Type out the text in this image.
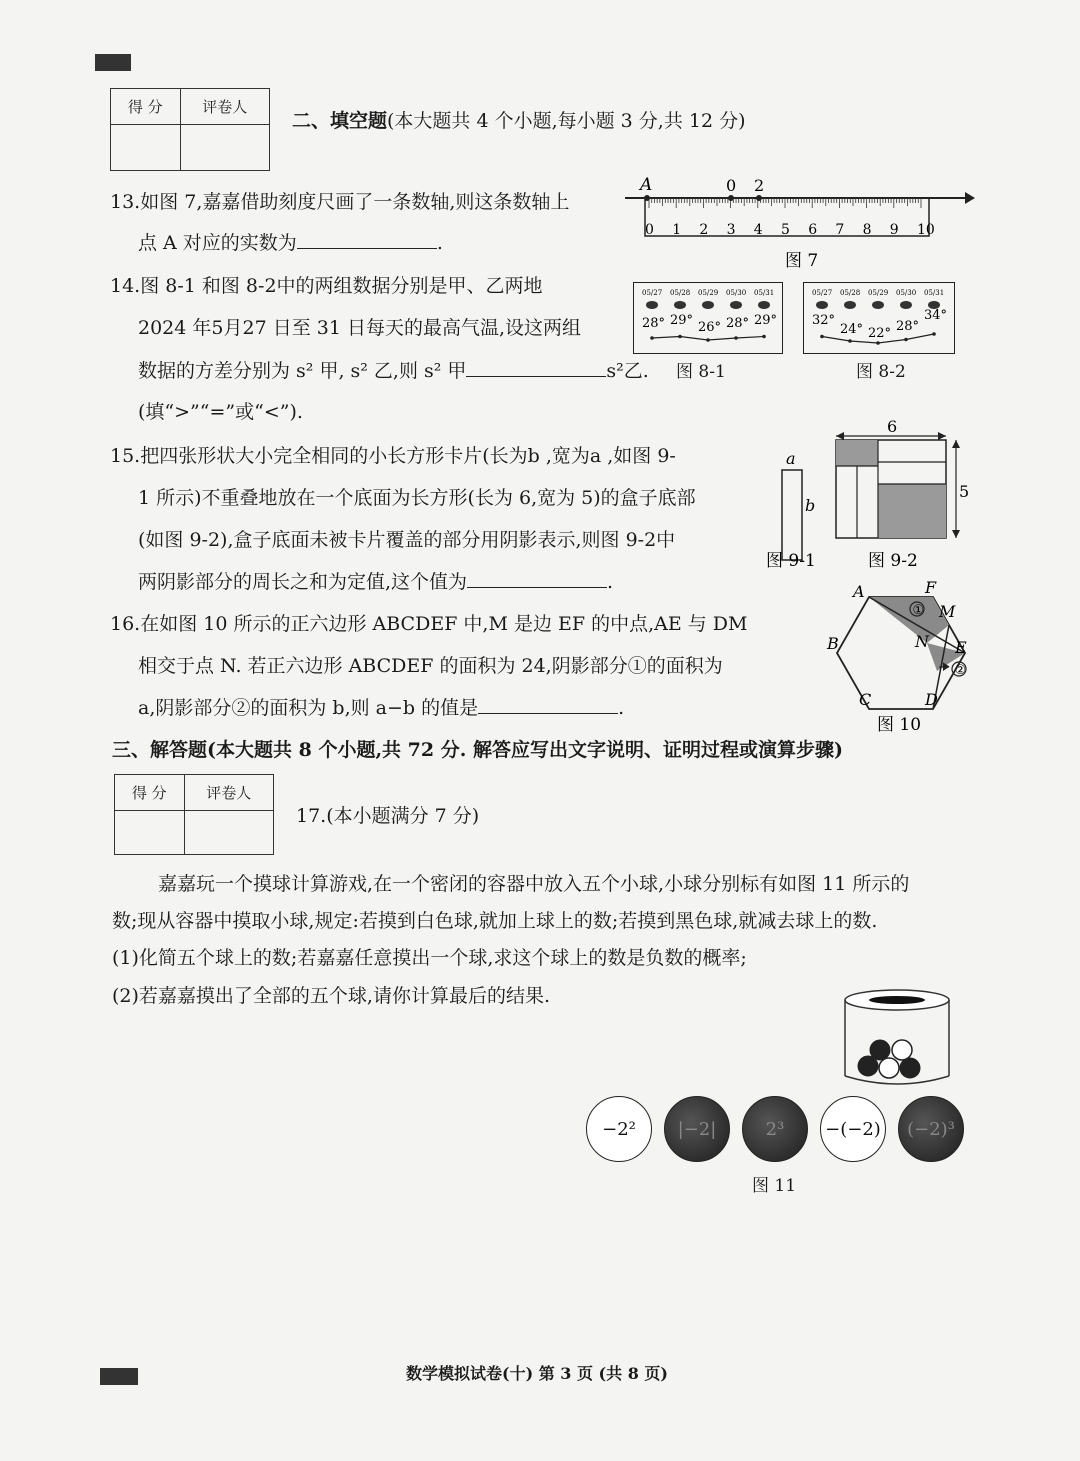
得 分	评卷人

二、填空题(本大题共 4 个小题,每小题 3 分,共 12 分)
13.如图 7,嘉嘉借助刻度尺画了一条数轴,则这条数轴上
点 A 对应的实数为	.
0 1 2 3 4 5 6 7 8 9 10
A	0 2
图 7
14.图 8-1 和图 8-2中的两组数据分别是甲、乙两地
2024 年5月27 日至 31 日每天的最高气温,设这两组
数据的方差分别为 s² 甲, s² 乙,则 s² 甲	s²乙.
(填“>”“=”或“<”).
05/27
28°
05/28
29°
05/29
26°
05/30
28°
05/31
29°
05/27
32°
05/28
24°
05/29
22°
05/30
28°
05/31
34°
图 8-1	图 8-2
15.把四张形状大小完全相同的小长方形卡片(长为b ,宽为a ,如图 9-
1 所示)不重叠地放在一个底面为长方形(长为 6,宽为 5)的盒子底部
(如图 9-2),盒子底面未被卡片覆盖的部分用阴影表示,则图 9-2中
两阴影部分的周长之和为定值,这个值为	.
a
b
6
5
图 9-1	图 9-2
16.在如图 10 所示的正六边形 ABCDEF 中,M 是边 EF 的中点,AE 与 DM
相交于点 N. 若正六边形 ABCDEF 的面积为 24,阴影部分①的面积为
a,阴影部分②的面积为 b,则 a−b 的值是	.
①
②
A
B
C	D
E
F
M
N
图 10
三、解答题(本大题共 8 个小题,共 72 分. 解答应写出文字说明、证明过程或演算步骤)
得 分	评卷人

17.(本小题满分 7 分)
嘉嘉玩一个摸球计算游戏,在一个密闭的容器中放入五个小球,小球分别标有如图 11 所示的
数;现从容器中摸取小球,规定:若摸到白色球,就加上球上的数;若摸到黑色球,就减去球上的数.
(1)化简五个球上的数;若嘉嘉任意摸出一个球,求这个球上的数是负数的概率;
(2)若嘉嘉摸出了全部的五个球,请你计算最后的结果.
−2² |−2|	2³ −(−2) (−2)³
图 11
数学模拟试卷(十) 第 3 页 (共 8 页)
